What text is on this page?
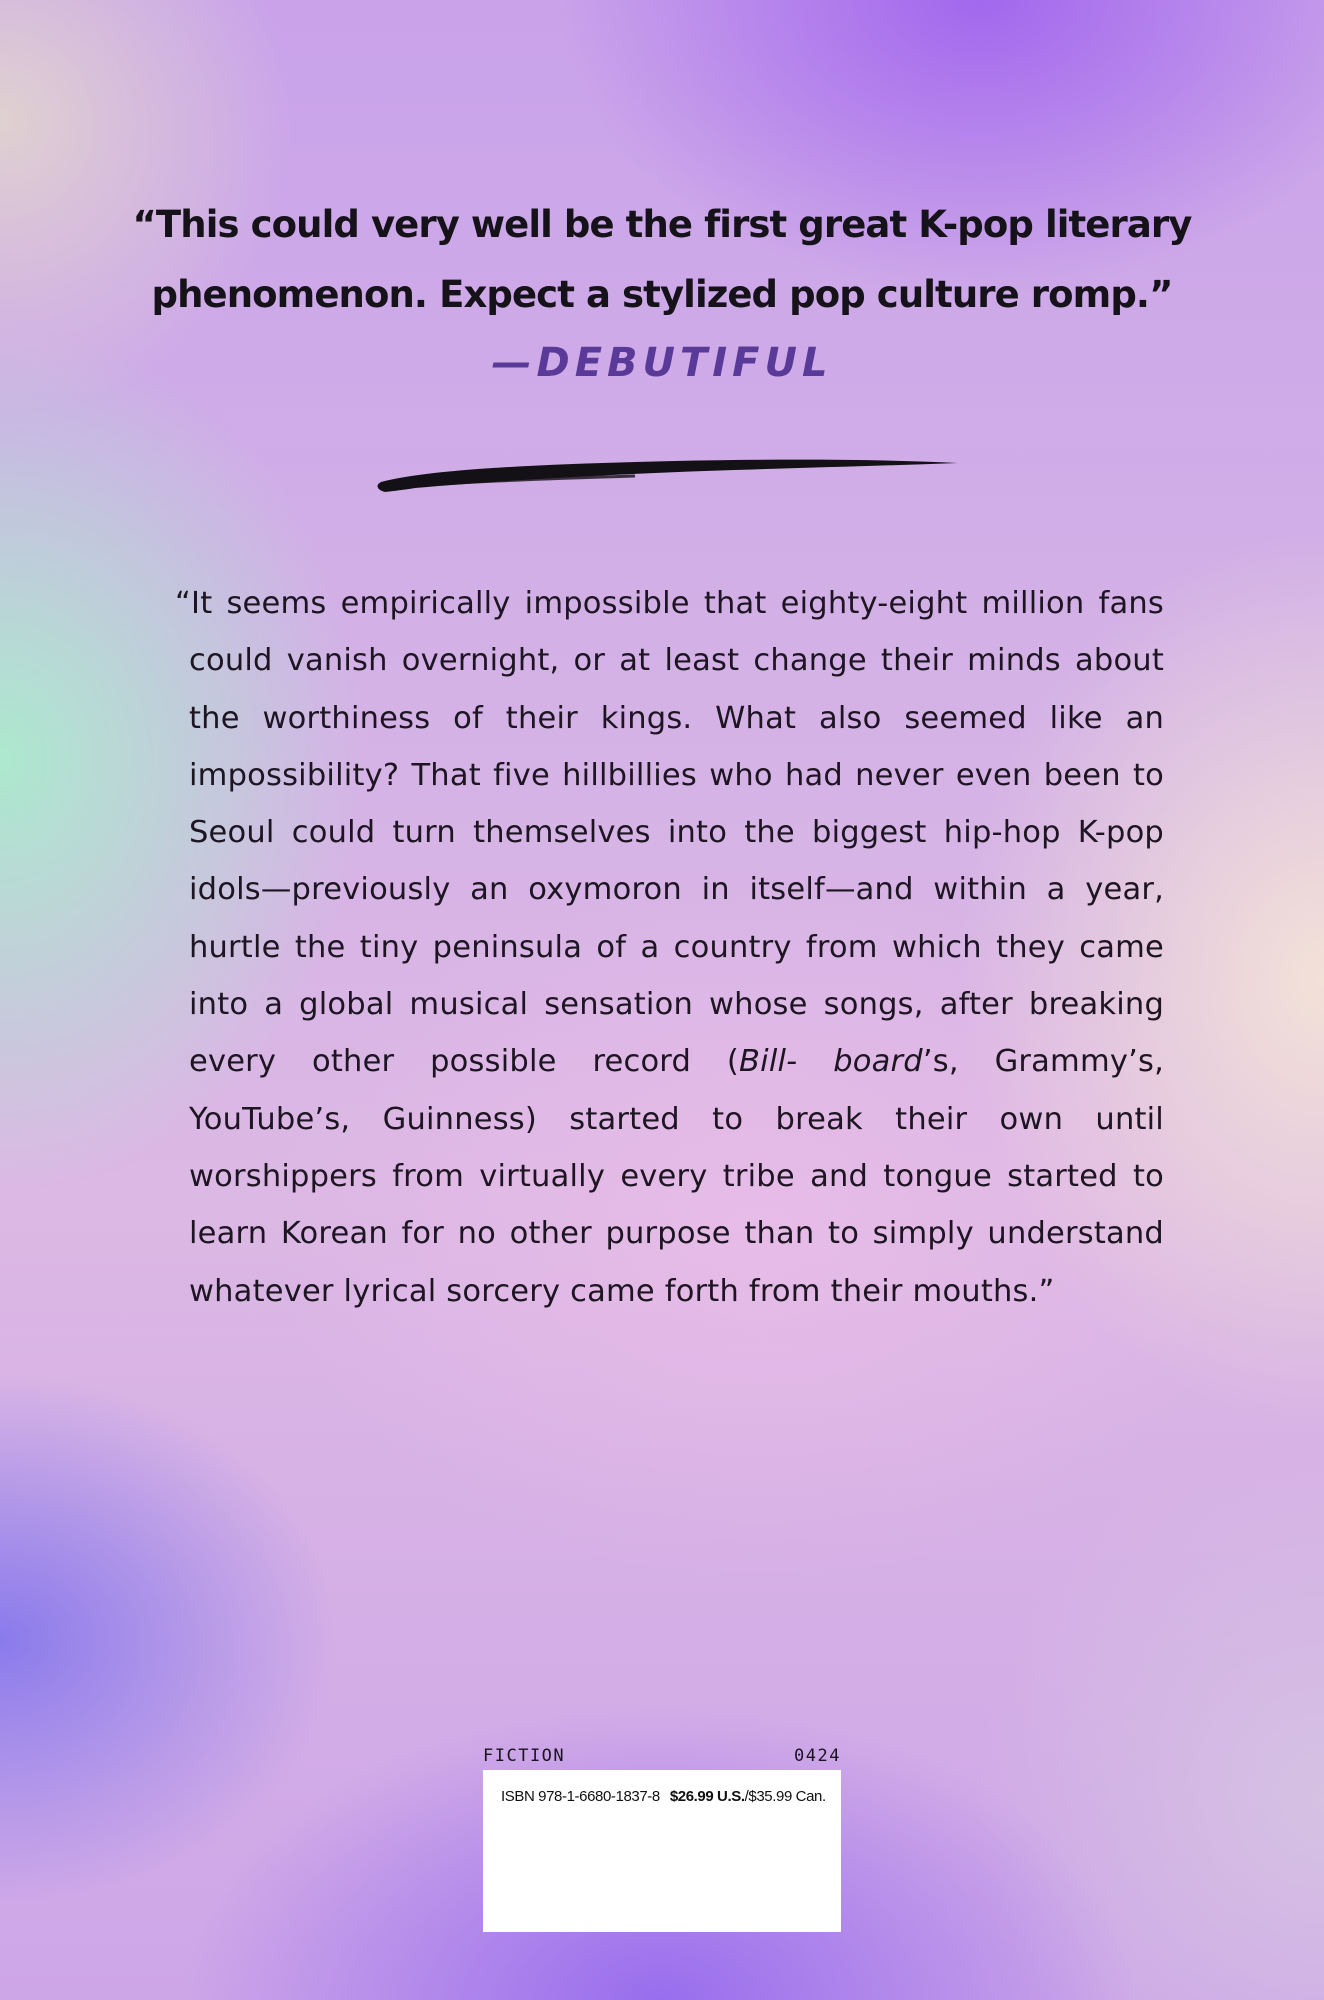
“This could very well be the first great K-pop literary
phenomenon. Expect a stylized pop culture romp.”

—DEBUTIFUL

“It seems empirically impossible that eighty-eight million fans could vanish overnight, or at least change their minds about the worthiness of their kings. What also seemed like an impossibility? That five hillbillies who had never even been to Seoul could turn themselves into the biggest hip-hop K-pop idols—previously an oxymoron in itself—and within a year, hurtle the tiny peninsula of a country from which they came into a global musical sensation whose songs, after breaking every other possible record (Bill- board’s, Grammy’s, YouTube’s, Guinness) started to break their own until worshippers from virtually every tribe and tongue started to learn Korean for no other purpose than to simply understand whatever lyrical sorcery came forth from their mouths.”

FICTION	0424
ISBN 978-1-6680-1837-8 $26.99 U.S./$35.99 Can.
